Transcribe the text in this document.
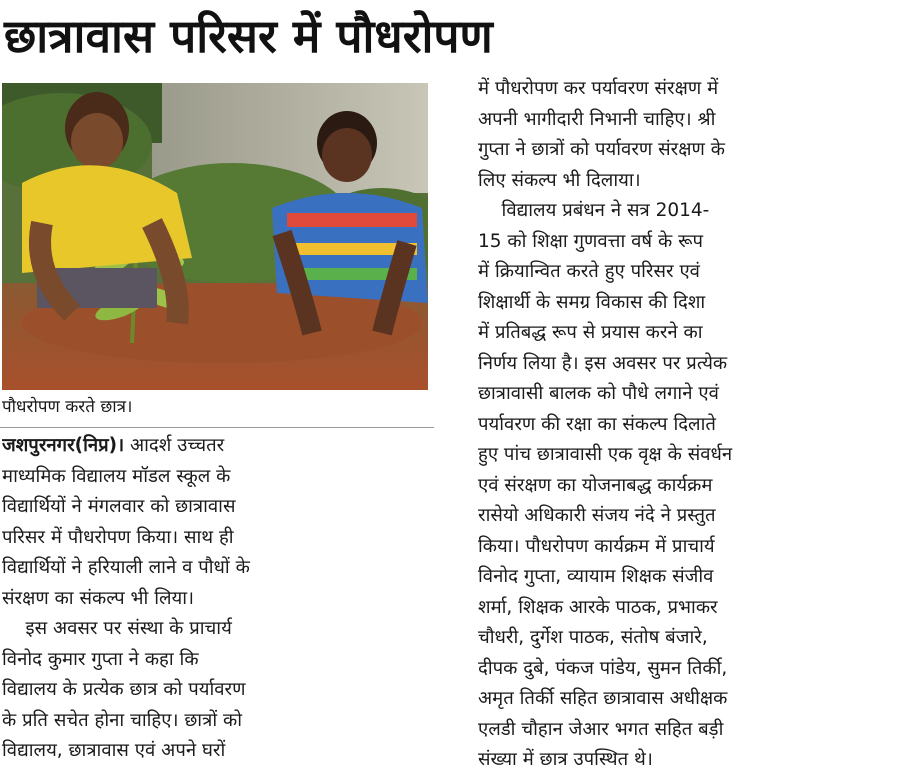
छात्रावास परिसर में पौधरोपण
पौधरोपण करते छात्र।
जशपुरनगर(निप्र)। आदर्श उच्चतर
माध्यमिक विद्यालय मॉडल स्कूल के
विद्यार्थियों ने मंगलवार को छात्रावास
परिसर में पौधरोपण किया। साथ ही
विद्यार्थियों ने हरियाली लाने व पौधों के
संरक्षण का संकल्प भी लिया।
इस अवसर पर संस्था के प्राचार्य
विनोद कुमार गुप्ता ने कहा कि
विद्यालय के प्रत्येक छात्र को पर्यावरण
के प्रति सचेत होना चाहिए। छात्रों को
विद्यालय, छात्रावास एवं अपने घरों
में पौधरोपण कर पर्यावरण संरक्षण में
अपनी भागीदारी निभानी चाहिए। श्री
गुप्ता ने छात्रों को पर्यावरण संरक्षण के
लिए संकल्प भी दिलाया।
विद्यालय प्रबंधन ने सत्र 2014-
15 को शिक्षा गुणवत्ता वर्ष के रूप
में क्रियान्वित करते हुए परिसर एवं
शिक्षार्थी के समग्र विकास की दिशा
में प्रतिबद्ध रूप से प्रयास करने का
निर्णय लिया है। इस अवसर पर प्रत्येक
छात्रावासी बालक को पौधे लगाने एवं
पर्यावरण की रक्षा का संकल्प दिलाते
हुए पांच छात्रावासी एक वृक्ष के संवर्धन
एवं संरक्षण का योजनाबद्ध कार्यक्रम
रासेयो अधिकारी संजय नंदे ने प्रस्तुत
किया। पौधरोपण कार्यक्रम में प्राचार्य
विनोद गुप्ता, व्यायाम शिक्षक संजीव
शर्मा, शिक्षक आरके पाठक, प्रभाकर
चौधरी, दुर्गेश पाठक, संतोष बंजारे,
दीपक दुबे, पंकज पांडेय, सुमन तिर्की,
अमृत तिर्की सहित छात्रावास अधीक्षक
एलडी चौहान जेआर भगत सहित बड़ी
संख्या में छात्र उपस्थित थे।
